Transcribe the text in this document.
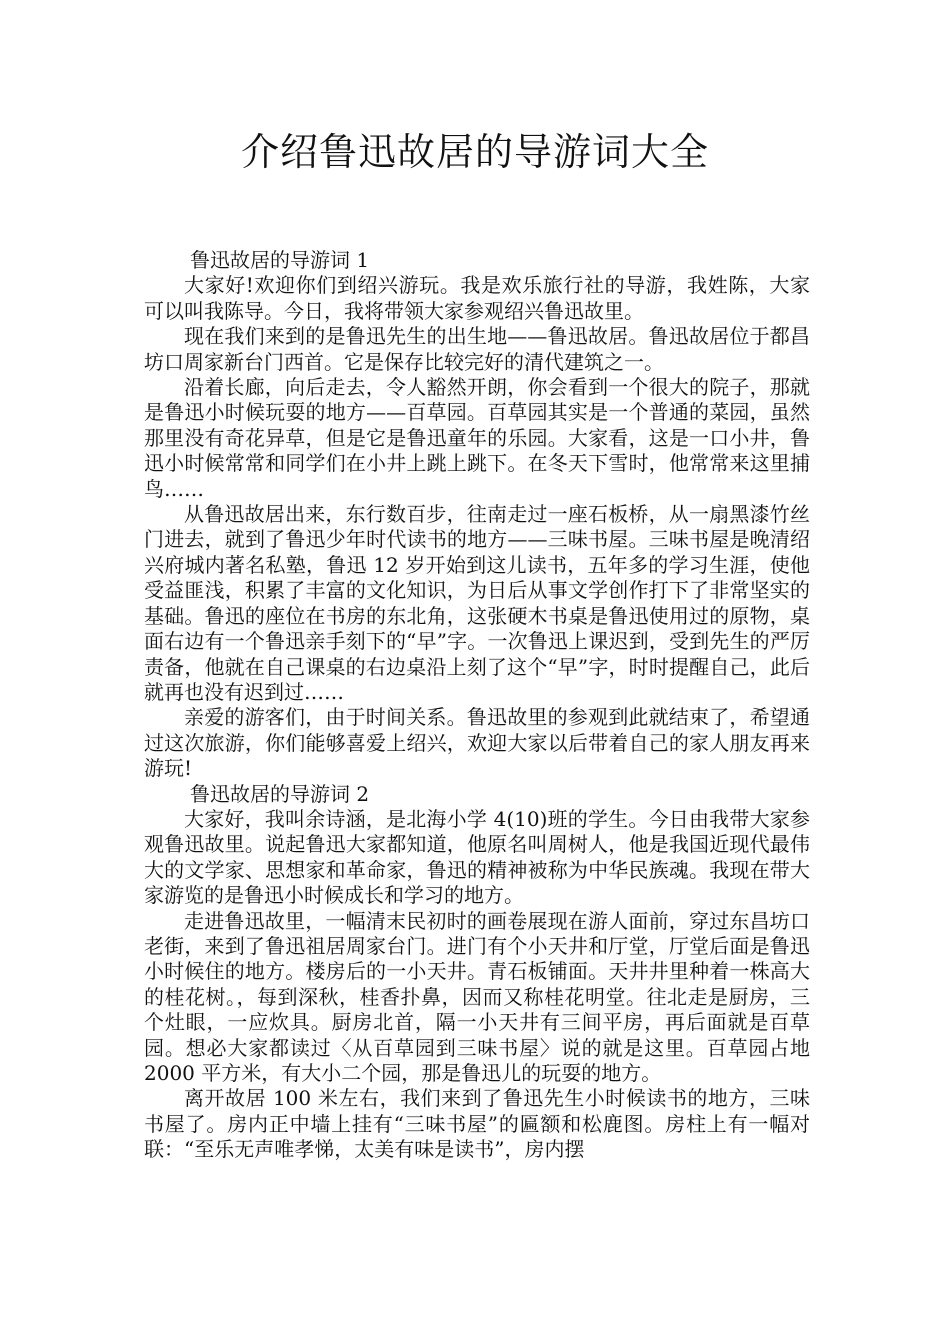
介绍鲁迅故居的导游词大全

鲁迅故居的导游词 1

大家好!欢迎你们到绍兴游玩。我是欢乐旅行社的导游，我姓陈，大家可以叫我陈导。今日，我将带领大家参观绍兴鲁迅故里。

现在我们来到的是鲁迅先生的出生地——鲁迅故居。鲁迅故居位于都昌坊口周家新台门西首。它是保存比较完好的清代建筑之一。

沿着长廊，向后走去，令人豁然开朗，你会看到一个很大的院子，那就是鲁迅小时候玩耍的地方——百草园。百草园其实是一个普通的菜园，虽然那里没有奇花异草，但是它是鲁迅童年的乐园。大家看，这是一口小井，鲁迅小时候常常和同学们在小井上跳上跳下。在冬天下雪时，他常常来这里捕鸟……

从鲁迅故居出来，东行数百步，往南走过一座石板桥，从一扇黑漆竹丝门进去，就到了鲁迅少年时代读书的地方——三味书屋。三味书屋是晚清绍兴府城内著名私塾，鲁迅 12 岁开始到这儿读书，五年多的学习生涯，使他受益匪浅，积累了丰富的文化知识，为日后从事文学创作打下了非常坚实的基础。鲁迅的座位在书房的东北角，这张硬木书桌是鲁迅使用过的原物，桌面右边有一个鲁迅亲手刻下的“早”字。一次鲁迅上课迟到，受到先生的严厉责备，他就在自己课桌的右边桌沿上刻了这个“早”字，时时提醒自己，此后就再也没有迟到过……

亲爱的游客们，由于时间关系。鲁迅故里的参观到此就结束了，希望通过这次旅游，你们能够喜爱上绍兴，欢迎大家以后带着自己的家人朋友再来游玩!

鲁迅故居的导游词 2

大家好，我叫余诗涵，是北海小学 4(10)班的学生。今日由我带大家参观鲁迅故里。说起鲁迅大家都知道，他原名叫周树人，他是我国近现代最伟大的文学家、思想家和革命家，鲁迅的精神被称为中华民族魂。我现在带大家游览的是鲁迅小时候成长和学习的地方。

走进鲁迅故里，一幅清末民初时的画卷展现在游人面前，穿过东昌坊口老街，来到了鲁迅祖居周家台门。进门有个小天井和厅堂，厅堂后面是鲁迅小时候住的地方。楼房后的一小天井。青石板铺面。天井井里种着一株高大的桂花树。，每到深秋，桂香扑鼻，因而又称桂花明堂。往北走是厨房，三个灶眼，一应炊具。厨房北首，隔一小天井有三间平房，再后面就是百草园。想必大家都读过〈从百草园到三味书屋〉说的就是这里。百草园占地 2000 平方米，有大小二个园，那是鲁迅儿的玩耍的地方。

离开故居 100 米左右，我们来到了鲁迅先生小时候读书的地方，三味书屋了。房内正中墙上挂有“三味书屋”的匾额和松鹿图。房柱上有一幅对联：“至乐无声唯孝悌，太美有味是读书”，房内摆
